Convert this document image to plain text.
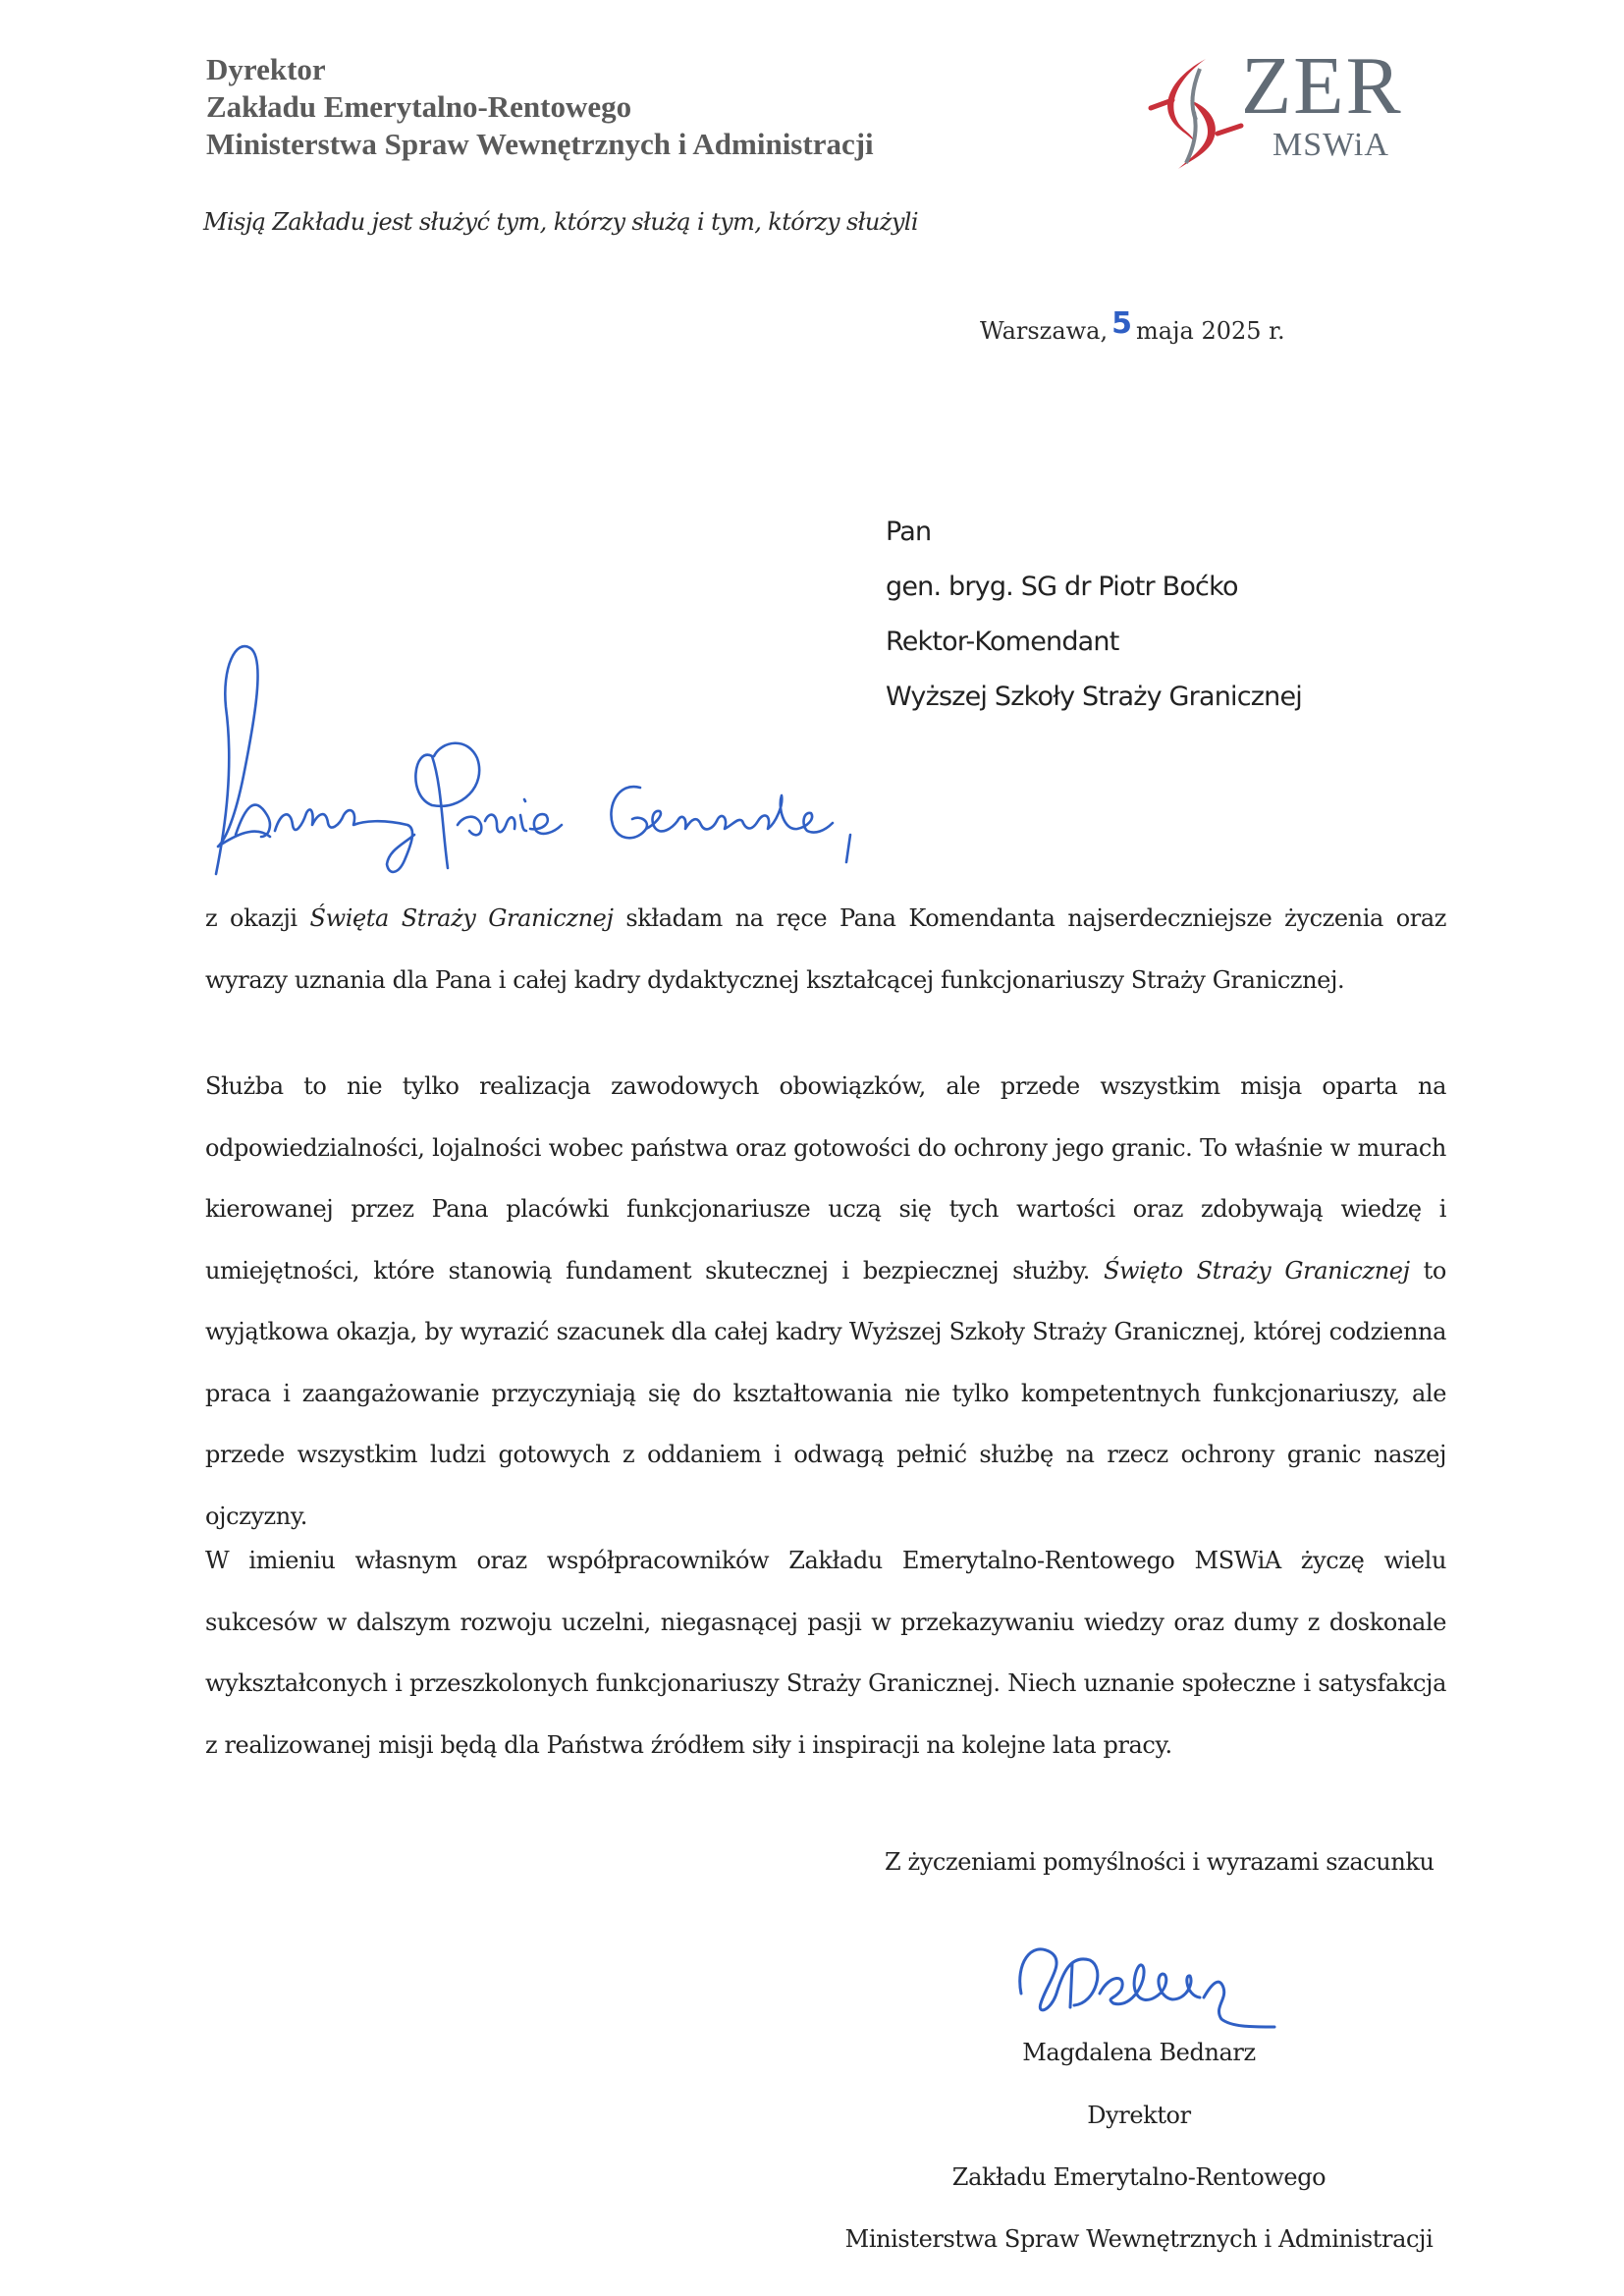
Dyrektor
Zakładu Emerytalno-Rentowego
Ministerstwa Spraw Wewnętrznych i Administracji
ZER
MSWiA
Misją Zakładu jest służyć tym, którzy służą i tym, którzy służyli
Warszawa, 5 maja 2025 r.
Pan
gen. bryg. SG dr Piotr Boćko
Rektor-Komendant
Wyższej Szkoły Straży Granicznej

z okazji Święta Straży Granicznej składam na ręce Pana Komendanta najserdeczniejsze życzenia oraz wyrazy uznania dla Pana i całej kadry dydaktycznej kształcącej funkcjonariuszy Straży Granicznej.

Służba to nie tylko realizacja zawodowych obowiązków, ale przede wszystkim misja oparta na odpowiedzialności, lojalności wobec państwa oraz gotowości do ochrony jego granic. To właśnie w murach kierowanej przez Pana placówki funkcjonariusze uczą się tych wartości oraz zdobywają wiedzę i umiejętności, które stanowią fundament skutecznej i bezpiecznej służby. Święto Straży Granicznej to wyjątkowa okazja, by wyrazić szacunek dla całej kadry Wyższej Szkoły Straży Granicznej, której codzienna praca i zaangażowanie przyczyniają się do kształtowania nie tylko kompetentnych funkcjonariuszy, ale przede wszystkim ludzi gotowych z oddaniem i odwagą pełnić służbę na rzecz ochrony granic naszej ojczyzny.

W imieniu własnym oraz współpracowników Zakładu Emerytalno-Rentowego MSWiA życzę wielu sukcesów w dalszym rozwoju uczelni, niegasnącej pasji w przekazywaniu wiedzy oraz dumy z doskonale wykształconych i przeszkolonych funkcjonariuszy Straży Granicznej. Niech uznanie społeczne i satysfakcja z realizowanej misji będą dla Państwa źródłem siły i inspiracji na kolejne lata pracy.

Z życzeniami pomyślności i wyrazami szacunku
Magdalena Bednarz
Dyrektor
Zakładu Emerytalno-Rentowego
Ministerstwa Spraw Wewnętrznych i Administracji
